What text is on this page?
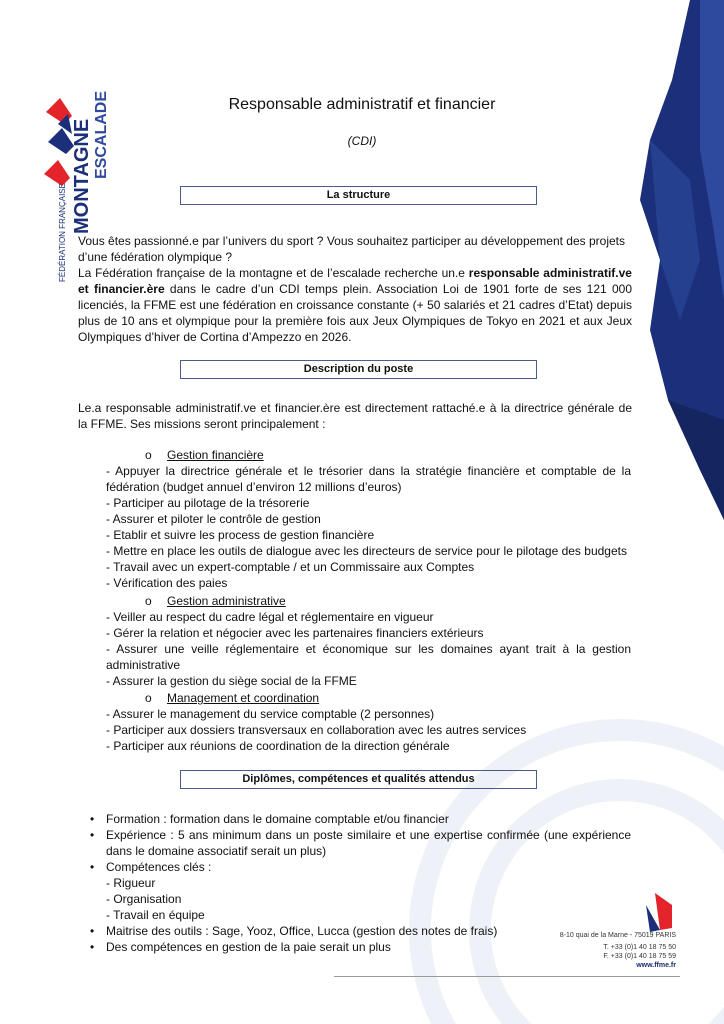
FÉDÉRATION FRANÇAISE MONTAGNE ESCALADE	Responsable administratif et financier
(CDI)
La structure
Vous êtes passionné.e par l’univers du sport ? Vous souhaitez participer au développement des projets d’une fédération olympique ?
La Fédération française de la montagne et de l’escalade recherche un.e responsable administratif.ve et financier.ère dans le cadre d’un CDI temps plein. Association Loi de 1901 forte de ses 121 000 licenciés, la FFME est une fédération en croissance constante (+ 50 salariés et 21 cadres d’Etat) depuis plus de 10 ans et olympique pour la première fois aux Jeux Olympiques de Tokyo en 2021 et aux Jeux Olympiques d’hiver de Cortina d’Ampezzo en 2026.
Description du poste
Le.a responsable administratif.ve et financier.ère est directement rattaché.e à la directrice générale de la FFME. Ses missions seront principalement :
o Gestion financière
- Appuyer la directrice générale et le trésorier dans la stratégie financière et comptable de la fédération (budget annuel d’environ 12 millions d’euros)
- Participer au pilotage de la trésorerie
- Assurer et piloter le contrôle de gestion
- Etablir et suivre les process de gestion financière
- Mettre en place les outils de dialogue avec les directeurs de service pour le pilotage des budgets
- Travail avec un expert-comptable / et un Commissaire aux Comptes
- Vérification des paies
o Gestion administrative
- Veiller au respect du cadre légal et réglementaire en vigueur
- Gérer la relation et négocier avec les partenaires financiers extérieurs
- Assurer une veille réglementaire et économique sur les domaines ayant trait à la gestion administrative
- Assurer la gestion du siège social de la FFME
o Management et coordination
- Assurer le management du service comptable (2 personnes)
- Participer aux dossiers transversaux en collaboration avec les autres services
- Participer aux réunions de coordination de la direction générale
Diplômes, compétences et qualités attendus
• Formation : formation dans le domaine comptable et/ou financier
• Expérience : 5 ans minimum dans un poste similaire et une expertise confirmée (une expérience dans le domaine associatif serait un plus)
• Compétences clés :
- Rigueur
- Organisation
- Travail en équipe
• Maitrise des outils : Sage, Yooz, Office, Lucca (gestion des notes de frais)
• Des compétences en gestion de la paie serait un plus
8-10 quai de la Marne - 75019 PARIS
T. +33 (0)1 40 18 75 50
F. +33 (0)1 40 18 75 59
www.ffme.fr
